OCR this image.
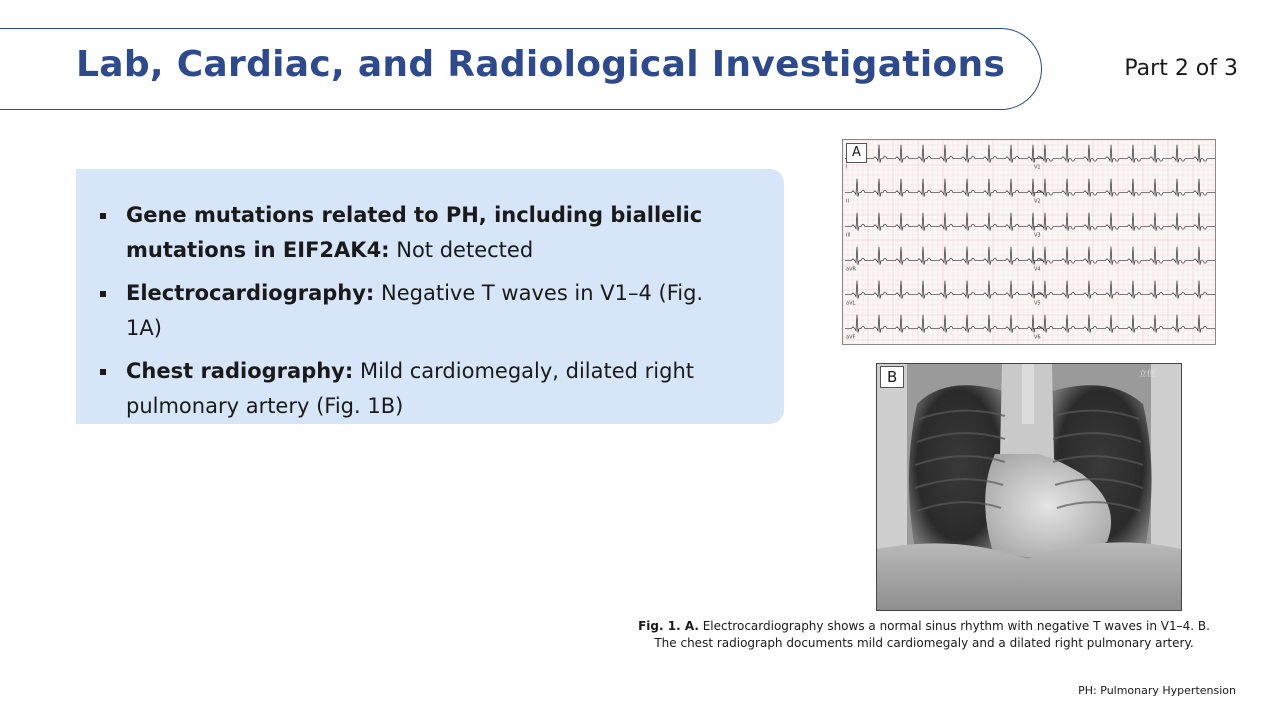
Lab, Cardiac, and Radiological Investigations	Part 2 of 3
Gene mutations related to PH, including biallelic mutations in EIF2AK4: Not detected
Electrocardiography: Negative T waves in V1–4 (Fig. 1A)
Chest radiography: Mild cardiomegaly, dilated right pulmonary artery (Fig. 1B)
I	V1
II	V2
III	V3
aVR	V4
aVL	V5
aVF	V6
A
B	立位
Fig. 1. A. Electrocardiography shows a normal sinus rhythm with negative T waves in V1–4. B. The chest radiograph documents mild cardiomegaly and a dilated right pulmonary artery.
PH: Pulmonary Hypertension
